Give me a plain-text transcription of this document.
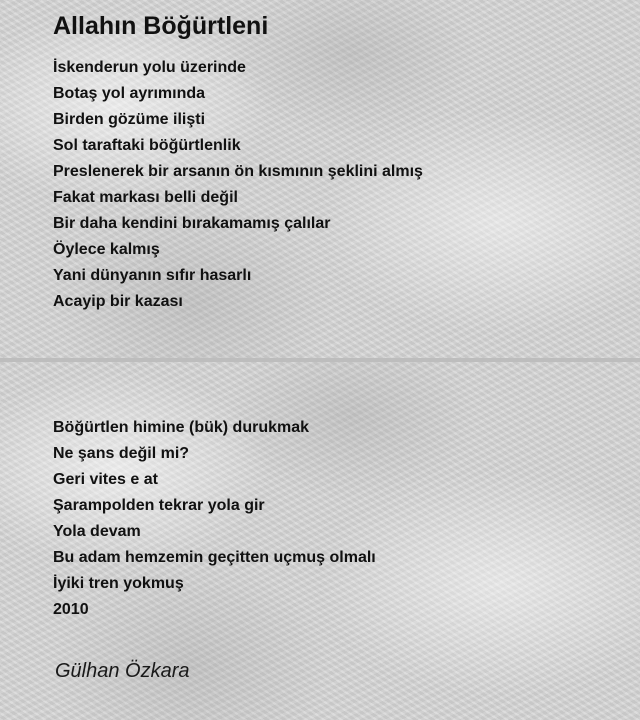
Allahın Böğürtleni
İskenderun yolu üzerinde
Botaş yol ayrımında
Birden gözüme ilişti
Sol taraftaki böğürtlenlik
Preslenerek bir arsanın ön kısmının şeklini almış
Fakat markası belli değil
Bir daha kendini bırakamamış çalılar
Öylece kalmış
Yani dünyanın sıfır hasarlı
Acayip bir kazası
Böğürtlen himine (bük) durukmak
Ne şans değil mi?
Geri vites e at
Şarampolden tekrar yola gir
Yola devam
Bu adam hemzemin geçitten uçmuş olmalı
İyiki tren yokmuş
2010
Gülhan Özkara
